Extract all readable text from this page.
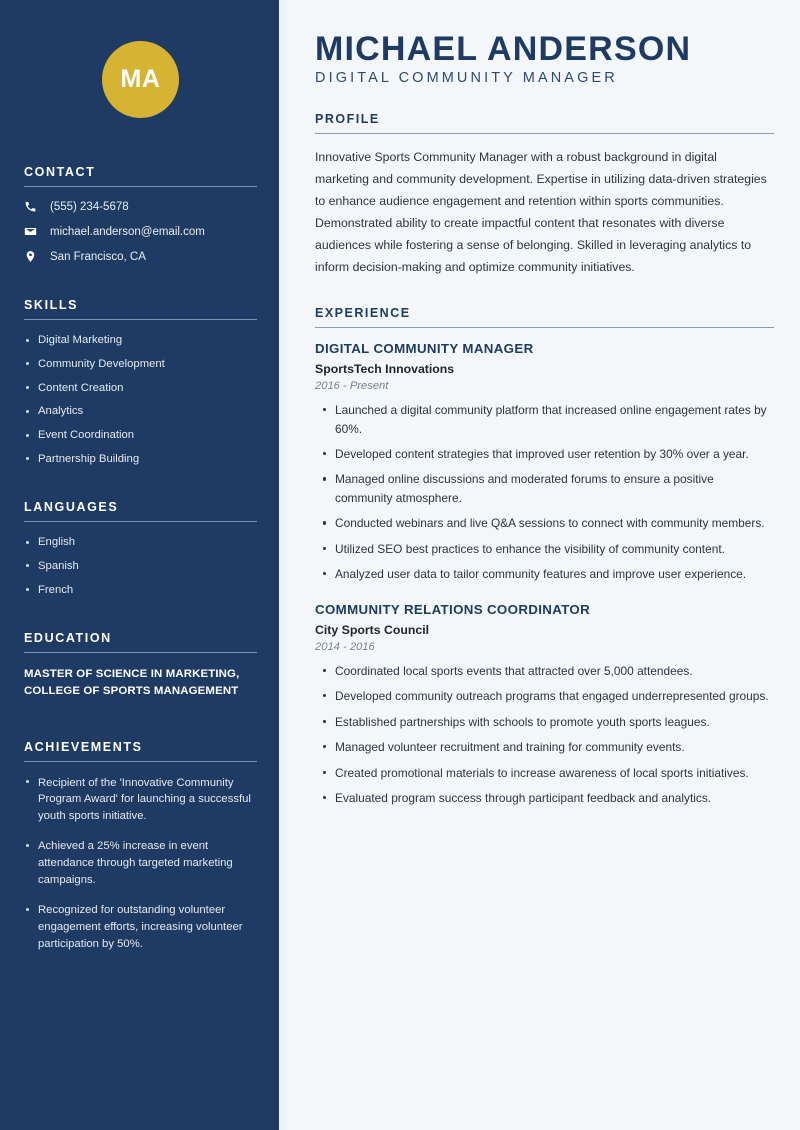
MA
CONTACT
(555) 234-5678
michael.anderson@email.com
San Francisco, CA
SKILLS
Digital Marketing
Community Development
Content Creation
Analytics
Event Coordination
Partnership Building
LANGUAGES
English
Spanish
French
EDUCATION
MASTER OF SCIENCE IN MARKETING, COLLEGE OF SPORTS MANAGEMENT
ACHIEVEMENTS
Recipient of the 'Innovative Community Program Award' for launching a successful youth sports initiative.
Achieved a 25% increase in event attendance through targeted marketing campaigns.
Recognized for outstanding volunteer engagement efforts, increasing volunteer participation by 50%.
MICHAEL ANDERSON
DIGITAL COMMUNITY MANAGER
PROFILE

Innovative Sports Community Manager with a robust background in digital marketing and community development. Expertise in utilizing data-driven strategies to enhance audience engagement and retention within sports communities. Demonstrated ability to create impactful content that resonates with diverse audiences while fostering a sense of belonging. Skilled in leveraging analytics to inform decision-making and optimize community initiatives.

EXPERIENCE
DIGITAL COMMUNITY MANAGER
SportsTech Innovations
2016 - Present
Launched a digital community platform that increased online engagement rates by 60%.
Developed content strategies that improved user retention by 30% over a year.
Managed online discussions and moderated forums to ensure a positive community atmosphere.
Conducted webinars and live Q&A sessions to connect with community members.
Utilized SEO best practices to enhance the visibility of community content.
Analyzed user data to tailor community features and improve user experience.
COMMUNITY RELATIONS COORDINATOR
City Sports Council
2014 - 2016
Coordinated local sports events that attracted over 5,000 attendees.
Developed community outreach programs that engaged underrepresented groups.
Established partnerships with schools to promote youth sports leagues.
Managed volunteer recruitment and training for community events.
Created promotional materials to increase awareness of local sports initiatives.
Evaluated program success through participant feedback and analytics.
